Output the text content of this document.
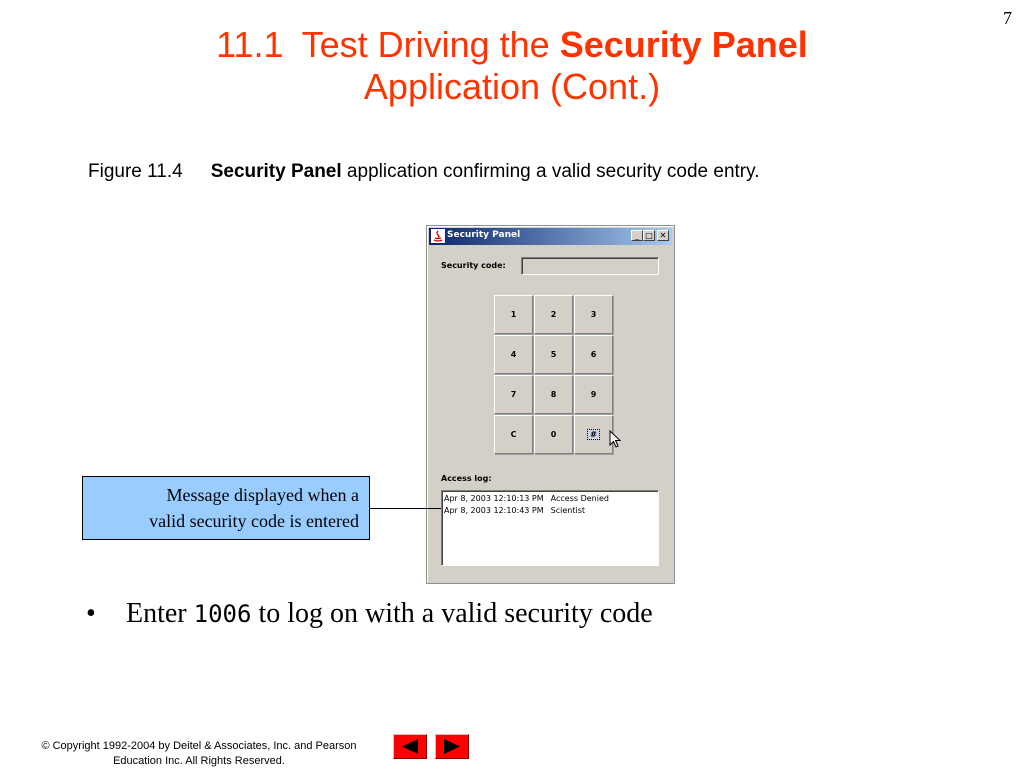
7
11.1 Test Driving the Security Panel
Application (Cont.)
Figure 11.4 Security Panel application confirming a valid security code entry.
Security Panel	_ □ ✕
Security code:
1	2	3
4	5	6
7	8	9
C	0	#
Access log:
Apr 8, 2003 12:10:13 PM Access Denied
Apr 8, 2003 12:10:43 PM Scientist
Message displayed when a
valid security code is entered
• Enter 1006 to log on with a valid security code
© Copyright 1992-2004 by Deitel & Associates, Inc. and Pearson
Education Inc. All Rights Reserved.
